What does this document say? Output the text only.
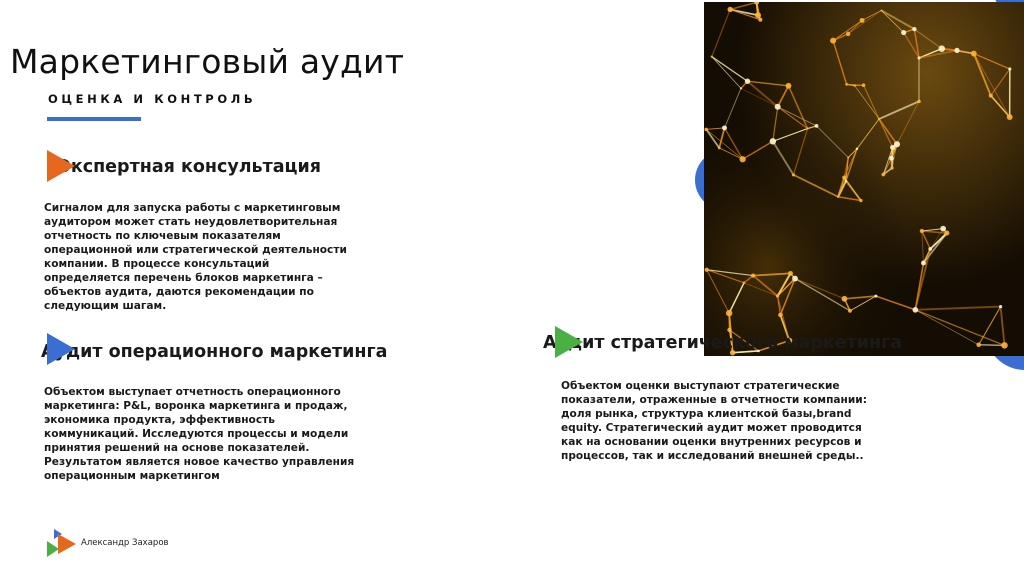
Маркетинговый аудит
ОЦЕНКА И КОНТРОЛЬ
Экспертная консультация
Сигналом для запуска работы с маркетинговым аудитором может стать неудовлетворительная отчетность по ключевым показателям операционной или стратегической деятельности компании. В процессе консультаций определяется перечень блоков маркетинга – объектов аудита, даются рекомендации по следующим шагам.
Аудит операционного маркетинга
Объектом выступает отчетность операционного маркетинга: P&L, воронка маркетинга и продаж, экономика продукта, эффективность коммуникаций. Исследуются процессы и модели принятия решений на основе показателей. Результатом является новое качество управления операционным маркетингом
Аудит стратегического маркетинга
Объектом оценки выступают стратегические показатели, отраженные в отчетности компании: доля рынка, структура клиентской базы,brand equity. Стратегический аудит может проводится как на основании оценки внутренних ресурсов и процессов, так и исследований внешней среды..
Александр Захаров
